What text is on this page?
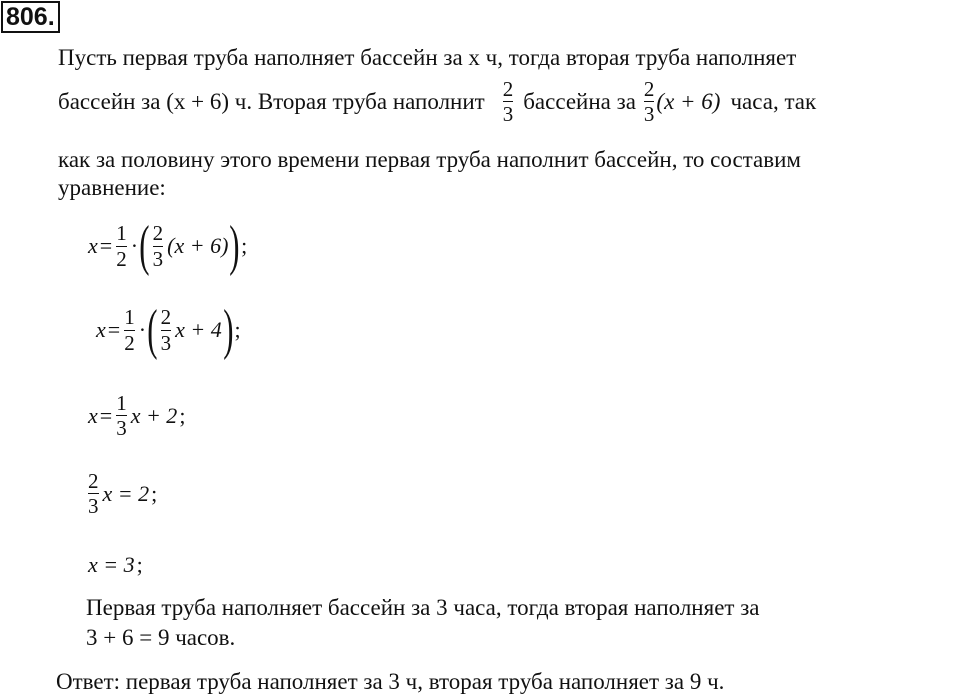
806.
Пусть первая труба наполняет бассейн за x ч, тогда вторая труба наполняет
бассейн за (x + 6) ч. Вторая труба наполнит $\frac{2}{3}$ бассейна за $\frac{2}{3} (x + 6)$ часа, так
как за половину этого времени первая труба наполнит бассейн, то составим
уравнение:
$x = \frac{1}{2}$ · ( $\frac{2}{3} (x + 6)$ ) ;
$x = \frac{1}{2}$ · ( $\frac{2}{3}$ x + 4 ) ;
$x = \frac{1}{3}$ x + 2 ;
$\frac{2}{3}$ x = 2 ;
x = 3 ;
Первая труба наполняет бассейн за 3 часа, тогда вторая наполняет за
3 + 6 = 9 часов.
Ответ: первая труба наполняет за 3 ч, вторая труба наполняет за 9 ч.
